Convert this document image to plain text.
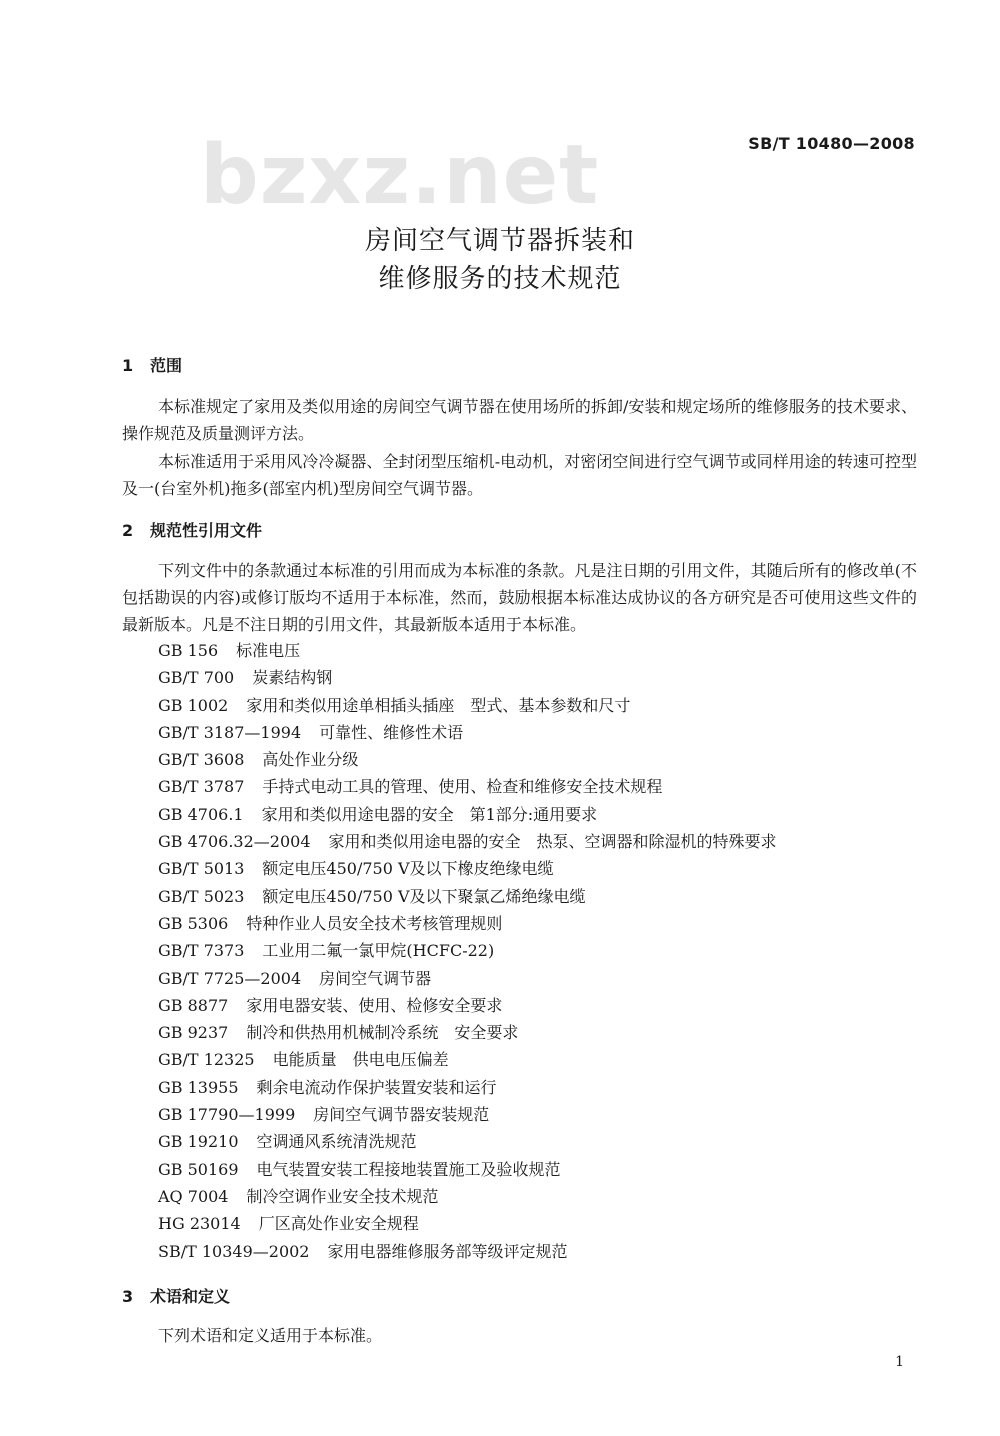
bzxz.net	SB/T 10480—2008
房间空气调节器拆装和
维修服务的技术规范
1 范围

本标准规定了家用及类似用途的房间空气调节器在使用场所的拆卸/安装和规定场所的维修服务的技术要求、操作规范及质量测评方法。

本标准适用于采用风冷冷凝器、全封闭型压缩机-电动机，对密闭空间进行空气调节或同样用途的转速可控型及一(台室外机)拖多(部室内机)型房间空气调节器。

2 规范性引用文件

下列文件中的条款通过本标准的引用而成为本标准的条款。凡是注日期的引用文件，其随后所有的修改单(不包括勘误的内容)或修订版均不适用于本标准，然而，鼓励根据本标准达成协议的各方研究是否可使用这些文件的最新版本。凡是不注日期的引用文件，其最新版本适用于本标准。

GB 156 标准电压
GB/T 700 炭素结构钢
GB 1002 家用和类似用途单相插头插座　型式、基本参数和尺寸
GB/T 3187—1994 可靠性、维修性术语
GB/T 3608 高处作业分级
GB/T 3787 手持式电动工具的管理、使用、检查和维修安全技术规程
GB 4706.1 家用和类似用途电器的安全　第1部分:通用要求
GB 4706.32—2004 家用和类似用途电器的安全　热泵、空调器和除湿机的特殊要求
GB/T 5013 额定电压450/750 V及以下橡皮绝缘电缆
GB/T 5023 额定电压450/750 V及以下聚氯乙烯绝缘电缆
GB 5306 特种作业人员安全技术考核管理规则
GB/T 7373 工业用二氟一氯甲烷(HCFC-22)
GB/T 7725—2004 房间空气调节器
GB 8877 家用电器安装、使用、检修安全要求
GB 9237 制冷和供热用机械制冷系统　安全要求
GB/T 12325 电能质量　供电电压偏差
GB 13955 剩余电流动作保护装置安装和运行
GB 17790—1999 房间空气调节器安装规范
GB 19210 空调通风系统清洗规范
GB 50169 电气装置安装工程接地装置施工及验收规范
AQ 7004 制冷空调作业安全技术规范
HG 23014 厂区高处作业安全规程
SB/T 10349—2002 家用电器维修服务部等级评定规范
3 术语和定义

下列术语和定义适用于本标准。

1
